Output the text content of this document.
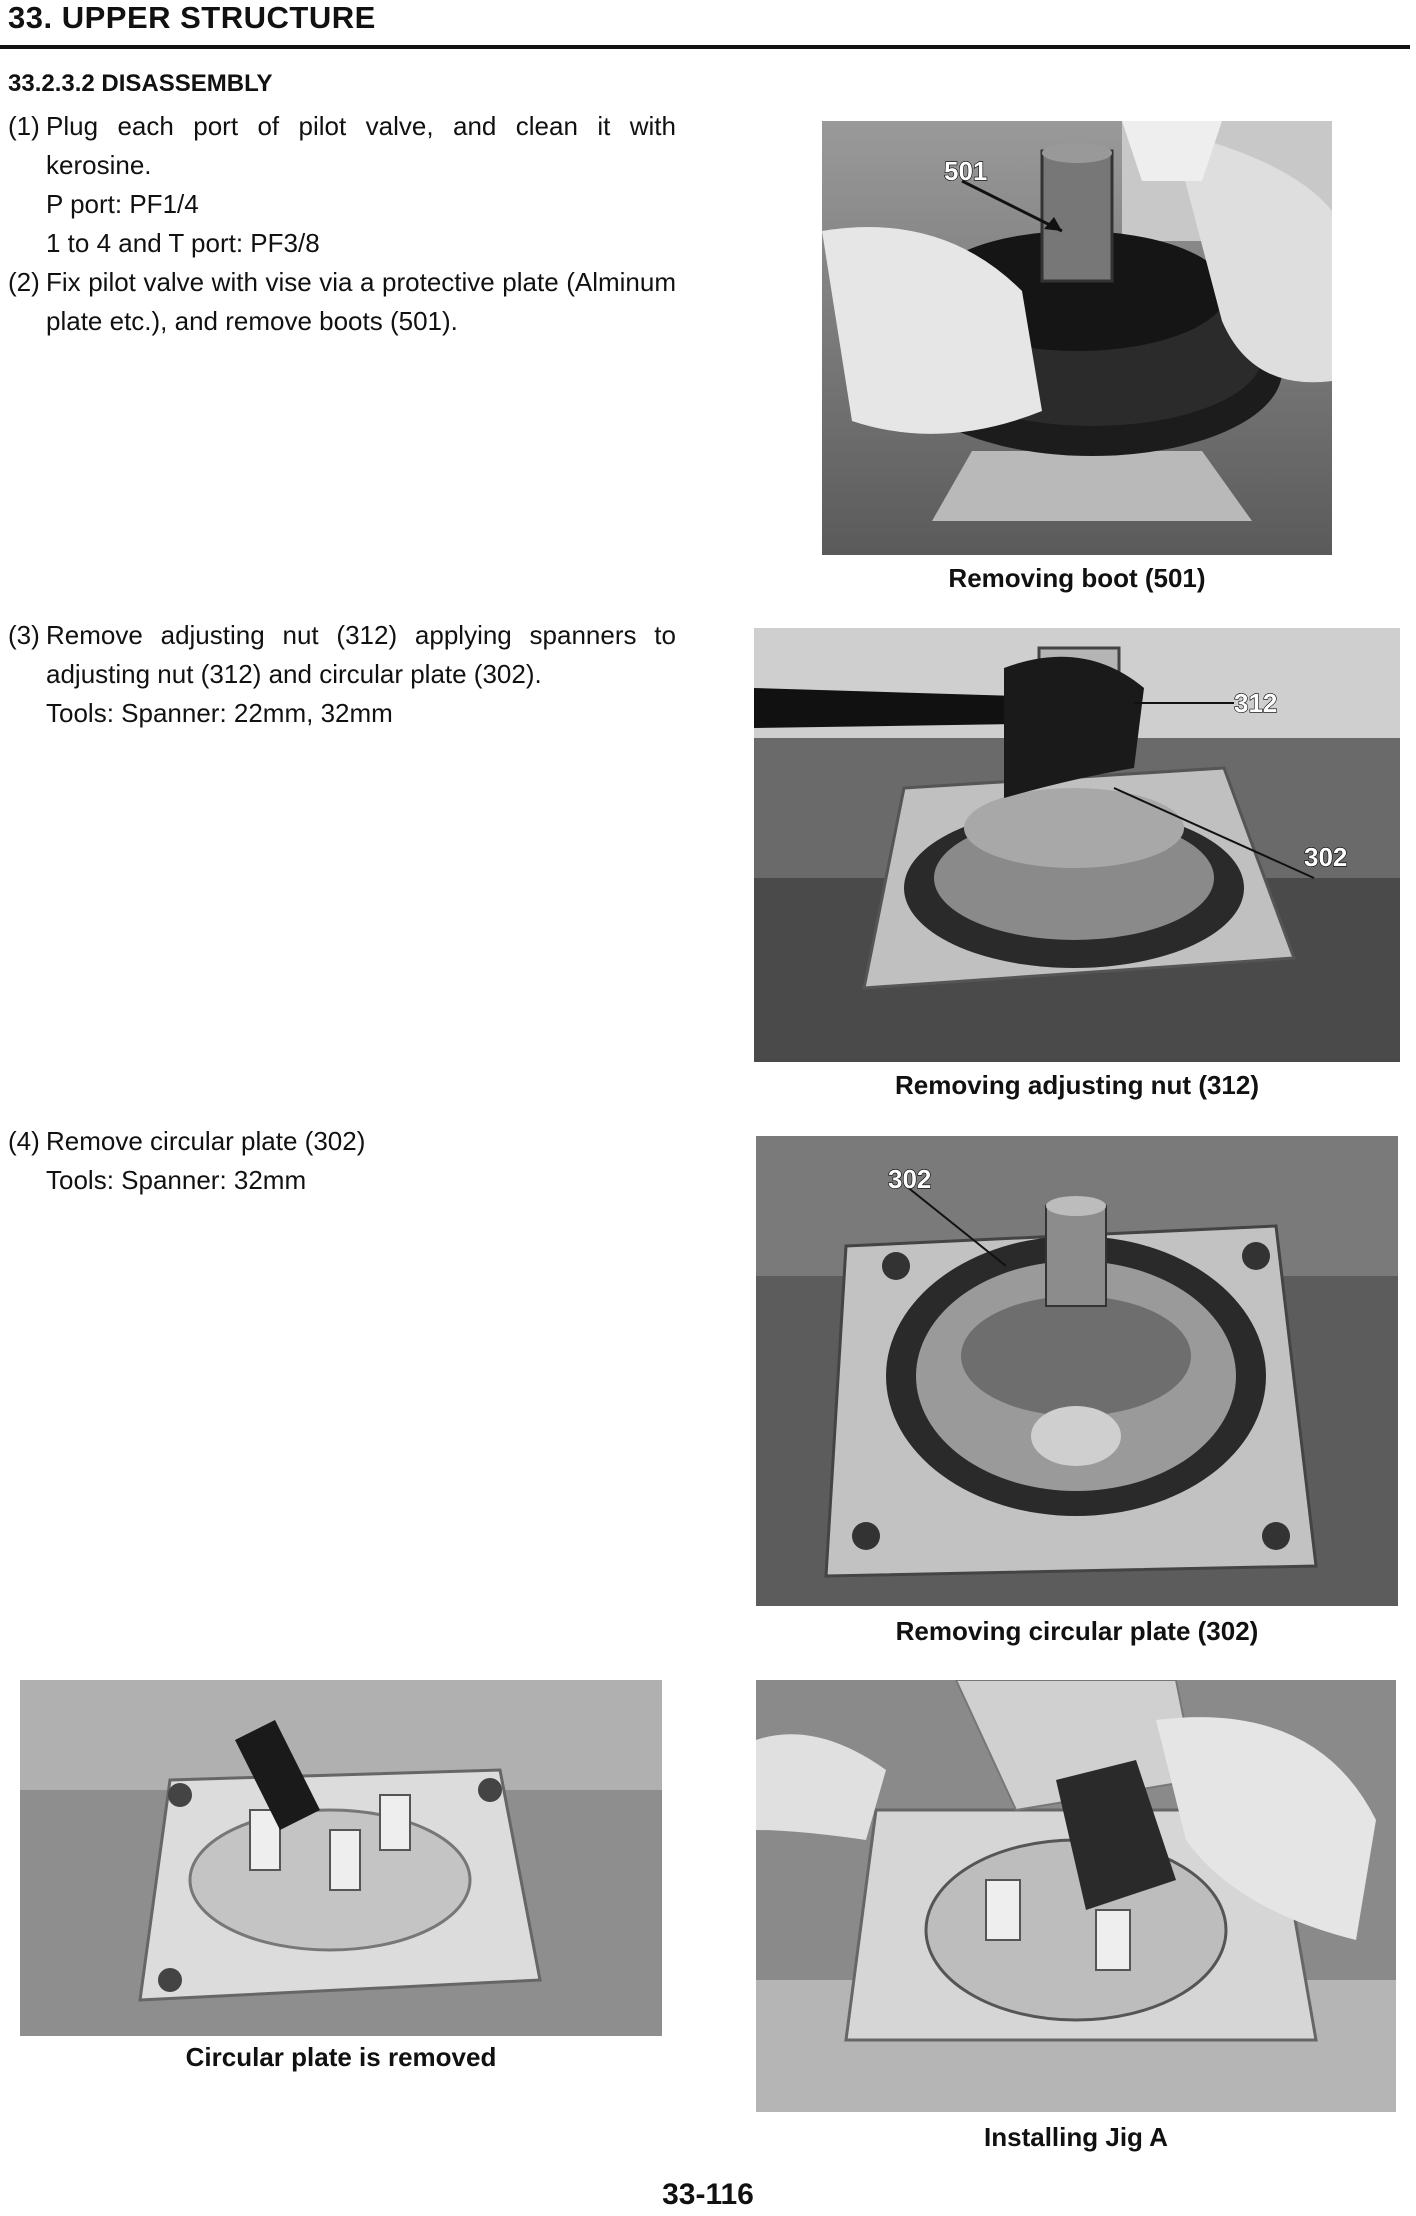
33. UPPER STRUCTURE
33.2.3.2 DISASSEMBLY
(1) Plug each port of pilot valve, and clean it with kerosine.
P port: PF1/4
1 to 4 and T port: PF3/8
(2) Fix pilot valve with vise via a protective plate (Alminum plate etc.), and remove boots (501).
501
Removing boot (501)
(3) Remove adjusting nut (312) applying spanners to adjusting nut (312) and circular plate (302).
Tools: Spanner: 22mm, 32mm	312
302
Removing adjusting nut (312)
(4) Remove circular plate (302)
Tools: Spanner: 32mm	302
Removing circular plate (302)
Circular plate is removed
Installing Jig A
33-116
